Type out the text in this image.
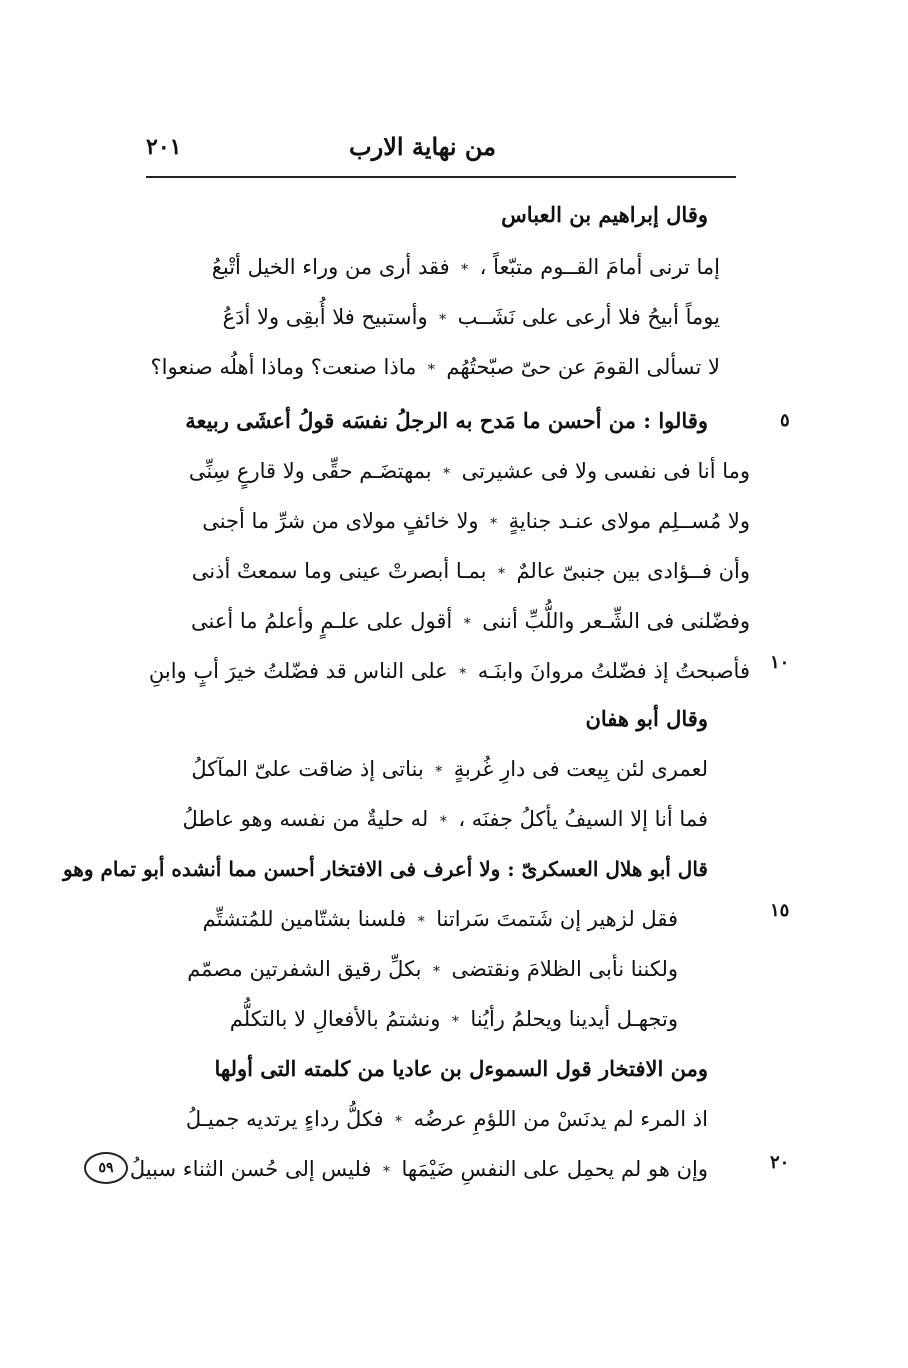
من نهاية الارب
٢٠١
٥
١٠
١٥
٢٠
وقال إبراهيم بن العباس
إما ترنى أمامَ القــوم متبّعاً ،
*
فقد أرى من وراء الخيل أتْبعُ
يوماً أبيحُ فلا أرعى على نَشَــب
*
وأستبيح فلا أُبقِى ولا أدَعُ
لا تسألى القومَ عن حىّ صبّحتُهُم
*
ماذا صنعت؟ وماذا أهلُه صنعوا؟
وقالوا : من أحسن ما مَدح به الرجلُ نفسَه قولُ أعشَى ربيعة
وما أنا فى نفسى ولا فى عشيرتى
*
بمهتضَـم حقِّى ولا قارعٍ سِنِّى
ولا مُســلِم مولاى عنـد جنايةٍ
*
ولا خائفٍ مولاى من شرِّ ما أجنى
وأن فــؤادى بين جنبىّ عالمٌ
*
بمـا أبصرتْ عينى وما سمعتْ أذنى
وفضّلنى فى الشِّـعر واللُّبِّ أننى
*
أقول على علـمٍ وأعلمُ ما أعنى
فأصبحتُ إذ فضّلتُ مروانَ وابنَـه
*
على الناس قد فضّلتُ خيرَ أبٍ وابنِ
وقال أبو هفان
لعمرى لئن بِيعت فى دارِ غُربةٍ
*
بناتى إذ ضاقت علىّ المآكلُ
فما أنا إلا السيفُ يأكلُ جفنَه ،
*
له حليةٌ من نفسه وهو عاطلُ
قال أبو هلال العسكرىّ : ولا أعرف فى الافتخار أحسن مما أنشده أبو تمام وهو
فقل لزهير إن شَتمتَ سَراتنا
*
فلسنا بشتّامين للمُتشتِّم
ولكننا نأبى الظلامَ ونقتضى
*
بكلِّ رقيق الشفرتين مصمّم
وتجهـل أيدينا ويحلمُ رأيُنا
*
ونشتمُ بالأفعالِ لا بالتكلُّم
ومن الافتخار قول السموءل بن عاديا من كلمته التى أولها
اذ المرء لم يدنَسْ من اللؤمِ عرضُه
*
فكلُّ رداءٍ يرتديه جميـلُ
وإن هو لم يحمِل على النفسِ ضَيْمَها
*
فليس إلى حُسن الثناء سبيلُ
٥٩
